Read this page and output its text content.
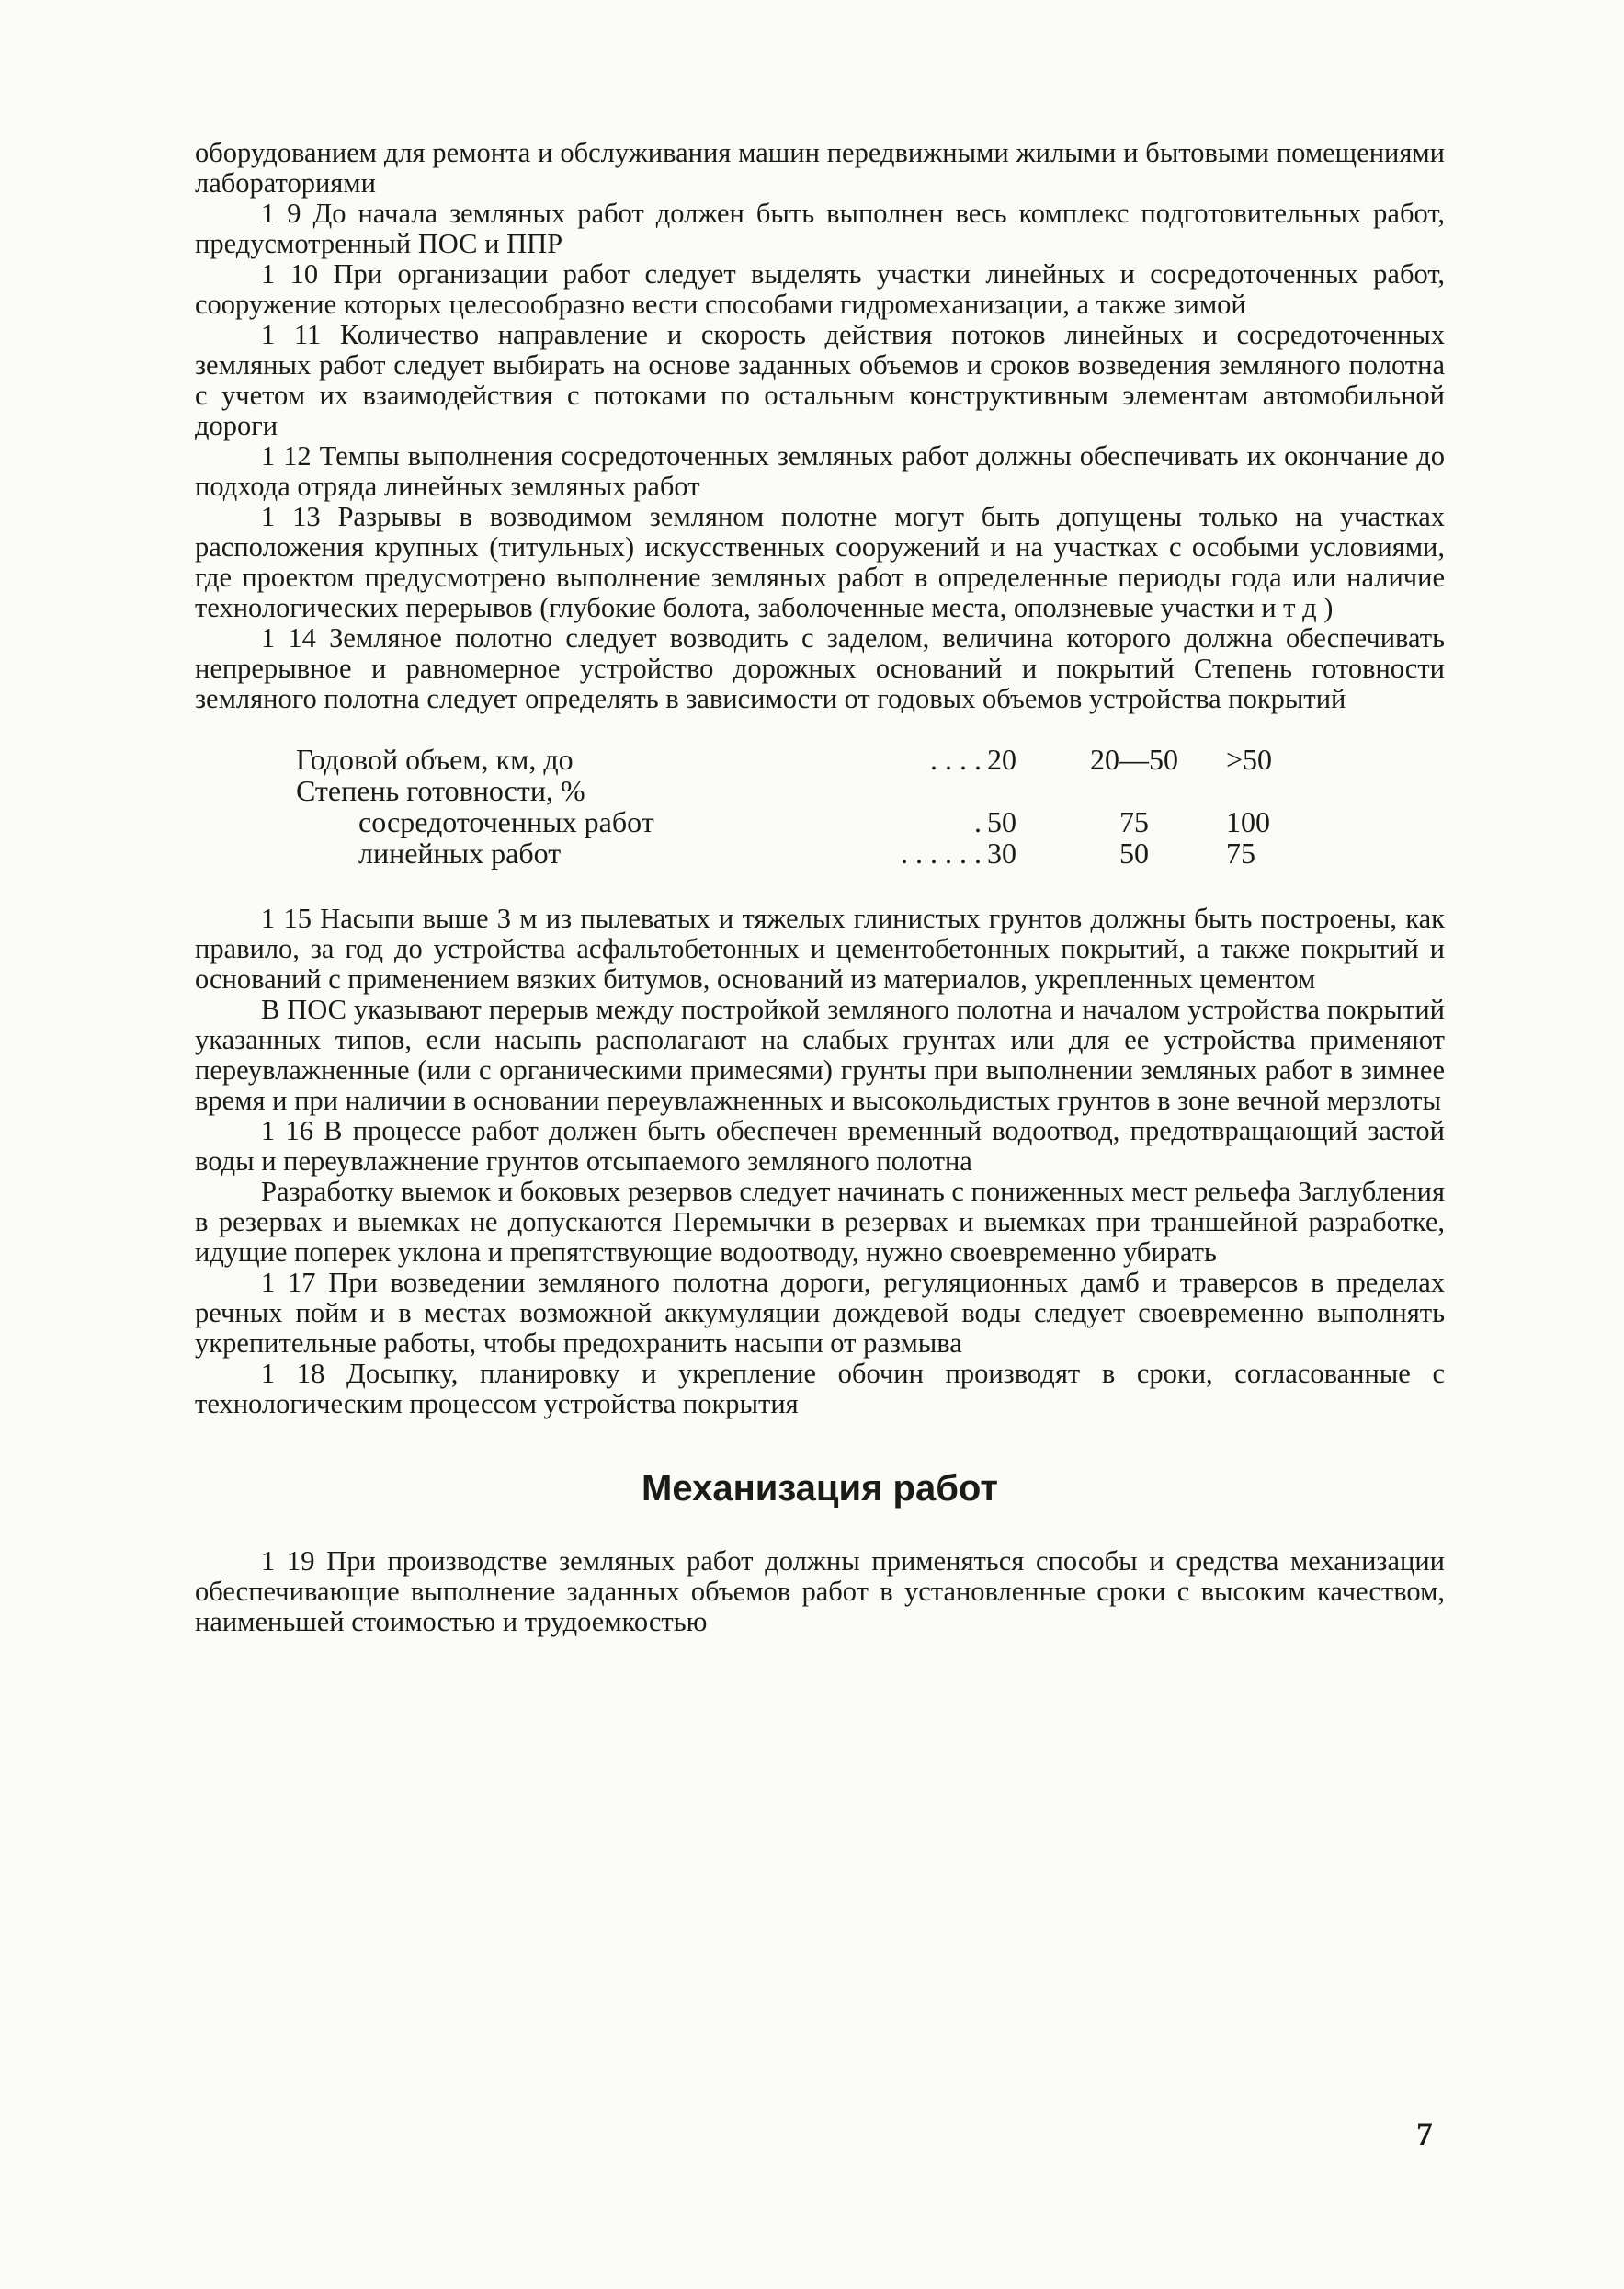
оборудованием для ремонта и обслуживания машин передвижными жилыми и бытовыми помещениями лабораториями

1 9 До начала земляных работ должен быть выполнен весь комплекс подготовительных работ, предусмотренный ПОС и ППР

1 10 При организации работ следует выделять участки линейных и сосредоточенных работ, сооружение которых целесообразно вести способами гидромеханизации, а также зимой

1 11 Количество направление и скорость действия потоков линейных и сосредоточенных земляных работ следует выбирать на основе заданных объемов и сроков возведения земляного полотна с учетом их взаимодействия с потоками по остальным конструктивным элементам автомобильной дороги

1 12 Темпы выполнения сосредоточенных земляных работ должны обеспечивать их окончание до подхода отряда линейных земляных работ

1 13 Разрывы в возводимом земляном полотне могут быть допущены только на участках расположения крупных (титульных) искусственных сооружений и на участках с особыми условиями, где проектом предусмотрено выполнение земляных работ в определенные периоды года или наличие технологических перерывов (глубокие болота, заболоченные места, оползневые участки и т д )

1 14 Земляное полотно следует возводить с заделом, величина которого должна обеспечивать непрерывное и равномерное устройство дорожных оснований и покрытий Степень готовности земляного полотна следует определять в зависимости от годовых объемов устройства покрытий

Годовой объем, км, до	. . . .	20	20—50	>50
Степень готовности, %				
сосредоточенных работ	.	50	75	100
линейных работ	. . . . . .	30	50	75

1 15 Насыпи выше 3 м из пылеватых и тяжелых глинистых грунтов должны быть построены, как правило, за год до устройства асфальтобетонных и цементобетонных покрытий, а также покрытий и оснований с применением вязких битумов, оснований из материалов, укрепленных цементом

В ПОС указывают перерыв между постройкой земляного полотна и началом устройства покрытий указанных типов, если насыпь располагают на слабых грунтах или для ее устройства применяют переувлажненные (или с органическими примесями) грунты при выполнении земляных работ в зимнее время и при наличии в основании переувлажненных и высокольдистых грунтов в зоне вечной мерзлоты

1 16 В процессе работ должен быть обеспечен временный водоотвод, предотвращающий застой воды и переувлажнение грунтов отсыпаемого земляного полотна

Разработку выемок и боковых резервов следует начинать с пониженных мест рельефа Заглубления в резервах и выемках не допускаются Перемычки в резервах и выемках при траншейной разработке, идущие поперек уклона и препятствующие водоотводу, нужно своевременно убирать

1 17 При возведении земляного полотна дороги, регуляционных дамб и траверсов в пределах речных пойм и в местах возможной аккумуляции дождевой воды следует своевременно выполнять укрепительные работы, чтобы предохранить насыпи от размыва

1 18 Досыпку, планировку и укрепление обочин производят в сроки, согласованные с технологическим процессом устройства покрытия

Механизация работ

1 19 При производстве земляных работ должны применяться способы и средства механизации обеспечивающие выполнение заданных объемов работ в установленные сроки с высоким качеством, наименьшей стоимостью и трудоемкостью

7
